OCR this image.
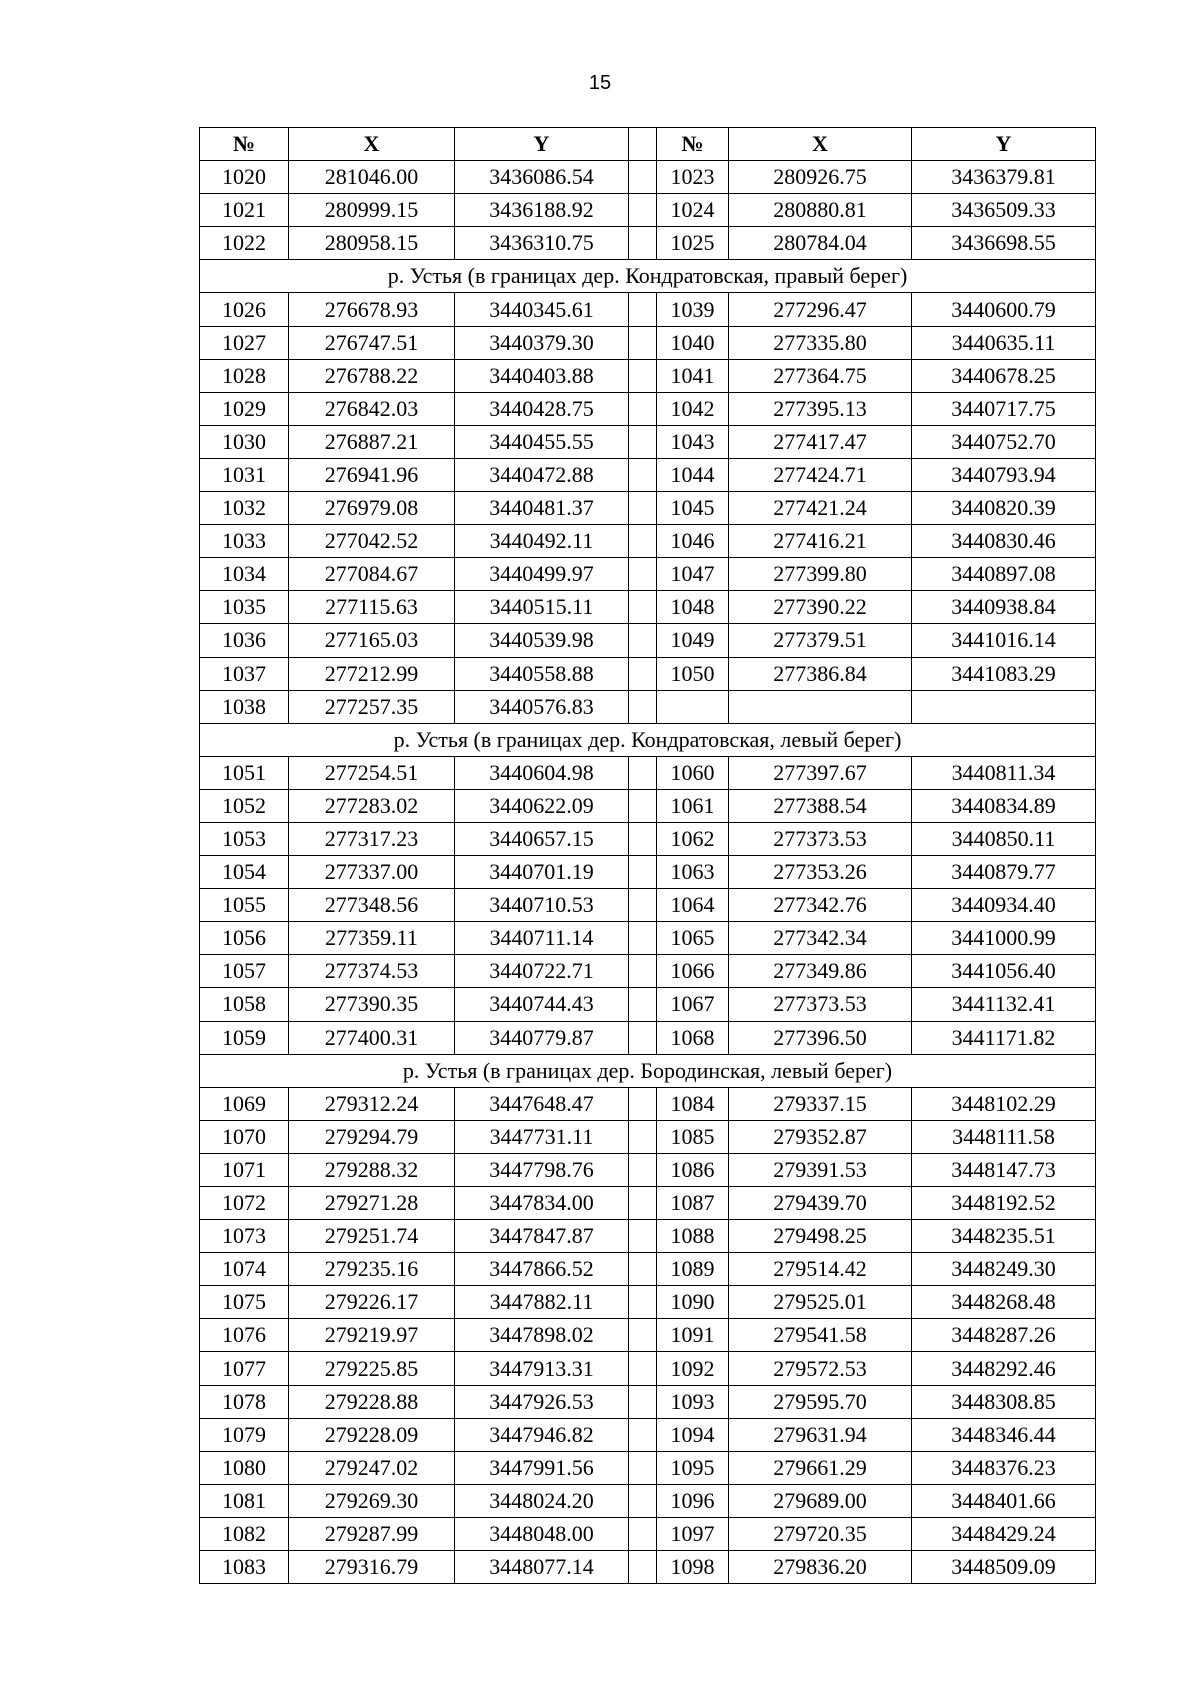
15
№	X	Y		№	X	Y
1020	281046.00	3436086.54		1023	280926.75	3436379.81
1021	280999.15	3436188.92		1024	280880.81	3436509.33
1022	280958.15	3436310.75		1025	280784.04	3436698.55
р. Устья (в границах дер. Кондратовская, правый берег)						
1026	276678.93	3440345.61		1039	277296.47	3440600.79
1027	276747.51	3440379.30		1040	277335.80	3440635.11
1028	276788.22	3440403.88		1041	277364.75	3440678.25
1029	276842.03	3440428.75		1042	277395.13	3440717.75
1030	276887.21	3440455.55		1043	277417.47	3440752.70
1031	276941.96	3440472.88		1044	277424.71	3440793.94
1032	276979.08	3440481.37		1045	277421.24	3440820.39
1033	277042.52	3440492.11		1046	277416.21	3440830.46
1034	277084.67	3440499.97		1047	277399.80	3440897.08
1035	277115.63	3440515.11		1048	277390.22	3440938.84
1036	277165.03	3440539.98		1049	277379.51	3441016.14
1037	277212.99	3440558.88		1050	277386.84	3441083.29
1038	277257.35	3440576.83				
р. Устья (в границах дер. Кондратовская, левый берег)						
1051	277254.51	3440604.98		1060	277397.67	3440811.34
1052	277283.02	3440622.09		1061	277388.54	3440834.89
1053	277317.23	3440657.15		1062	277373.53	3440850.11
1054	277337.00	3440701.19		1063	277353.26	3440879.77
1055	277348.56	3440710.53		1064	277342.76	3440934.40
1056	277359.11	3440711.14		1065	277342.34	3441000.99
1057	277374.53	3440722.71		1066	277349.86	3441056.40
1058	277390.35	3440744.43		1067	277373.53	3441132.41
1059	277400.31	3440779.87		1068	277396.50	3441171.82
р. Устья (в границах дер. Бородинская, левый берег)						
1069	279312.24	3447648.47		1084	279337.15	3448102.29
1070	279294.79	3447731.11		1085	279352.87	3448111.58
1071	279288.32	3447798.76		1086	279391.53	3448147.73
1072	279271.28	3447834.00		1087	279439.70	3448192.52
1073	279251.74	3447847.87		1088	279498.25	3448235.51
1074	279235.16	3447866.52		1089	279514.42	3448249.30
1075	279226.17	3447882.11		1090	279525.01	3448268.48
1076	279219.97	3447898.02		1091	279541.58	3448287.26
1077	279225.85	3447913.31		1092	279572.53	3448292.46
1078	279228.88	3447926.53		1093	279595.70	3448308.85
1079	279228.09	3447946.82		1094	279631.94	3448346.44
1080	279247.02	3447991.56		1095	279661.29	3448376.23
1081	279269.30	3448024.20		1096	279689.00	3448401.66
1082	279287.99	3448048.00		1097	279720.35	3448429.24
1083	279316.79	3448077.14		1098	279836.20	3448509.09
